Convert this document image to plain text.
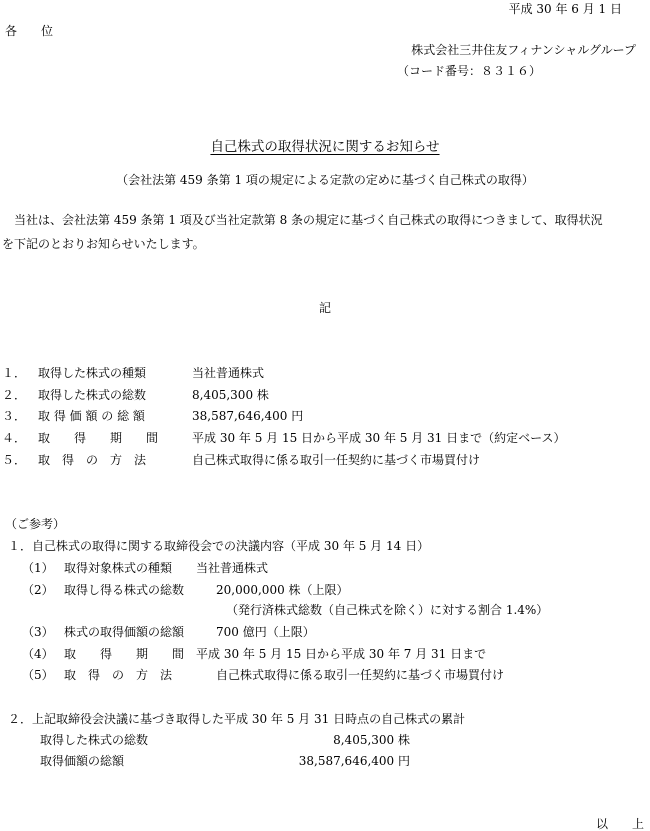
平成 30 年 6 月 1 日
各　　位
株式会社三井住友フィナンシャルグループ
（コード番号：８３１６）
自己株式の取得状況に関するお知らせ
（会社法第 459 条第 1 項の規定による定款の定めに基づく自己株式の取得）
当社は、会社法第 459 条第 1 項及び当社定款第 8 条の規定に基づく自己株式の取得につきまして、取得状況
を下記のとおりお知らせいたします。
記
１． 取得した株式の種類	当社普通株式
２． 取得した株式の総数	8,405,300 株
３． 取 得 価 額 の 総 額	38,587,646,400 円
４． 取　　得　　期　　間	平成 30 年 5 月 15 日から平成 30 年 5 月 31 日まで（約定ベース）
５． 取　得　の　方　法	自己株式取得に係る取引一任契約に基づく市場買付け
（ご参考）
１．自己株式の取得に関する取締役会での決議内容（平成 30 年 5 月 14 日）
（1） 取得対象株式の種類 当社普通株式
（2） 取得し得る株式の総数	20,000,000 株（上限）
（発行済株式総数（自己株式を除く）に対する割合 1.4%）
（3） 株式の取得価額の総額	700 億円（上限）
（4） 取　　得　　期　　間 平成 30 年 5 月 15 日から平成 30 年 7 月 31 日まで
（5） 取　得　の　方　法	自己株式取得に係る取引一任契約に基づく市場買付け
２．上記取締役会決議に基づき取得した平成 30 年 5 月 31 日時点の自己株式の累計
取得した株式の総数	8,405,300 株
取得価額の総額	38,587,646,400 円
以　　上
